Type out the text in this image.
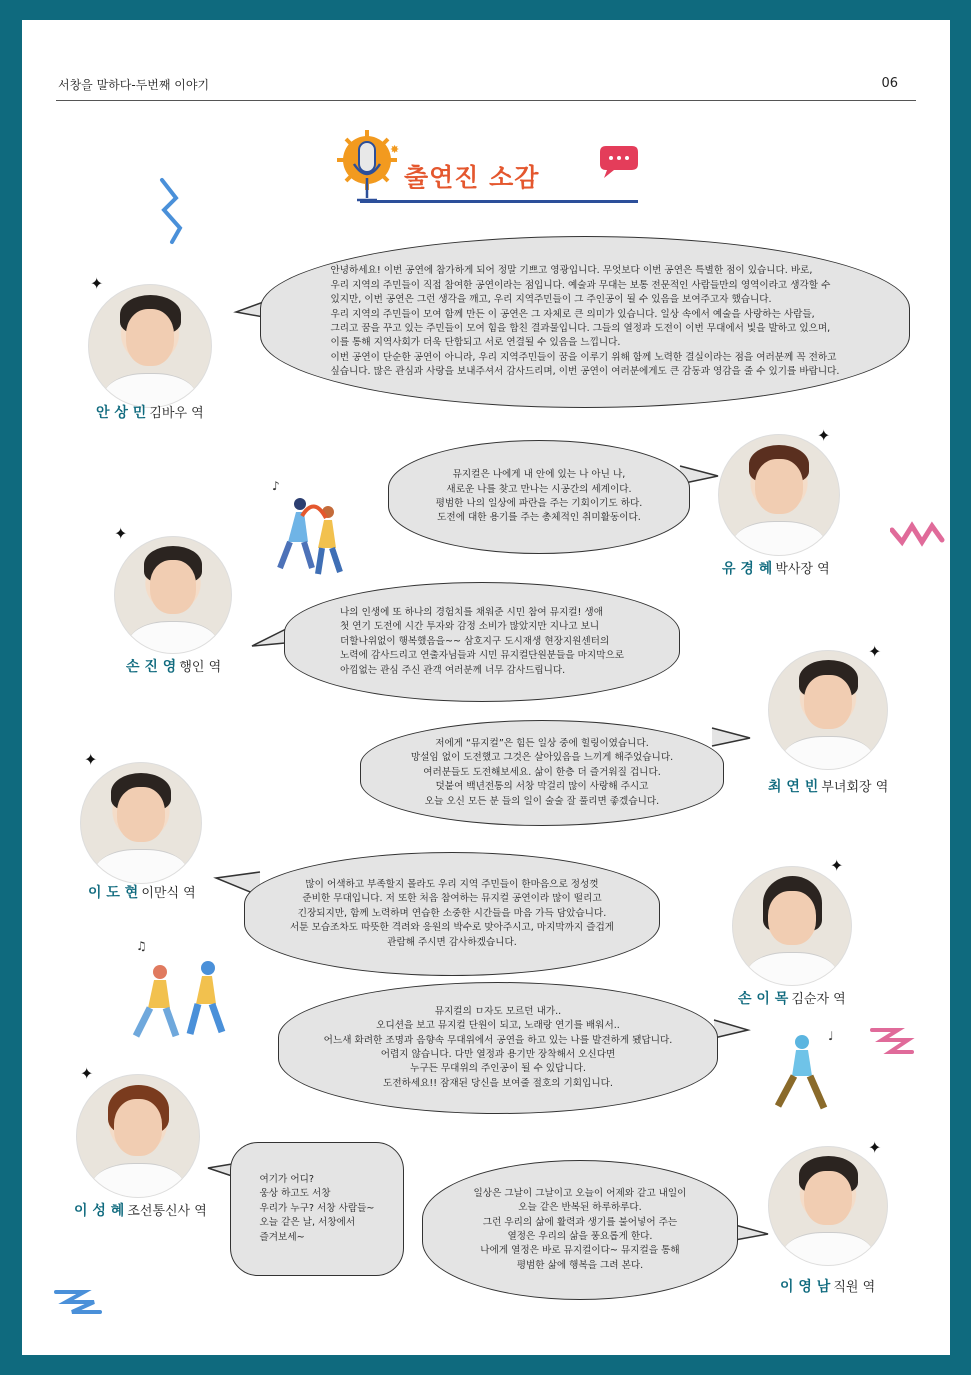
서창을 말하다-두번째 이야기	06
✸
출연진 소감
♪
♫
♩
✦
✦
✦
✦
✦
✦
✦
✦
안 상 민 김바우 역
안녕하세요! 이번 공연에 참가하게 되어 정말 기쁘고 영광입니다. 무엇보다 이번 공연은 특별한 점이 있습니다. 바로,
우리 지역의 주민들이 직접 참여한 공연이라는 점입니다. 예술과 무대는 보통 전문적인 사람들만의 영역이라고 생각할 수
있지만, 이번 공연은 그런 생각을 깨고, 우리 지역주민들이 그 주인공이 될 수 있음을 보여주고자 했습니다.
우리 지역의 주민들이 모여 함께 만든 이 공연은 그 자체로 큰 의미가 있습니다. 일상 속에서 예술을 사랑하는 사람들,
그리고 꿈을 꾸고 있는 주민들이 모여 힘을 합친 결과물입니다. 그들의 열정과 도전이 이번 무대에서 빛을 발하고 있으며,
이를 통해 지역사회가 더욱 단합되고 서로 연결될 수 있음을 느낍니다.
이번 공연이 단순한 공연이 아니라, 우리 지역주민들이 꿈을 이루기 위해 함께 노력한 결실이라는 점을 여러분께 꼭 전하고
싶습니다. 많은 관심과 사랑을 보내주셔서 감사드리며, 이번 공연이 여러분에게도 큰 감동과 영감을 줄 수 있기를 바랍니다.
뮤지컬은 나에게 내 안에 있는 나 아닌 나,
새로운 나를 찾고 만나는 시공간의 세계이다.
평범한 나의 일상에 파란을 주는 기회이기도 하다.
도전에 대한 용기를 주는 총체적인 취미활동이다.
유 경 혜 박사장 역
손 진 영 행인 역
나의 인생에 또 하나의 경험치를 채워준 시민 참여 뮤지컬! 생애
첫 연기 도전에 시간 투자와 감정 소비가 많았지만 지나고 보니
더할나위없이 행복했음을~~ 삼호지구 도시재생 현장지원센터의
노력에 감사드리고 연출자님들과 시민 뮤지컬단원분들을 마지막으로
아낌없는 관심 주신 관객 여러분께 너무 감사드립니다.
저에게 “뮤지컬”은 힘든 일상 중에 힐링이였습니다.
망설임 없이 도전했고 그것은 살아있음을 느끼게 해주었습니다.
여러분들도 도전해보세요. 삶이 한층 더 즐거워질 겁니다.
덧붙여 백년전통의 서창 막걸리 많이 사랑해 주시고
오늘 오신 모든 분 들의 일이 술술 잘 풀리면 좋겠습니다.
최 연 빈 부녀회장 역
이 도 현 이만식 역
많이 어색하고 부족할지 몰라도 우리 지역 주민들이 한마음으로 정성껏
준비한 무대입니다. 저 또한 처음 참여하는 뮤지컬 공연이라 많이 떨리고
긴장되지만, 함께 노력하며 연습한 소중한 시간들을 마음 가득 담았습니다.
서툰 모습조차도 따뜻한 격려와 응원의 박수로 맞아주시고, 마지막까지 즐겁게
관람해 주시면 감사하겠습니다.
손 이 목 김순자 역
뮤지컬의 ㅁ자도 모르던 내가..
오디션을 보고 뮤지컬 단원이 되고, 노래랑 연기를 배워서..
어느새 화려한 조명과 음향속 무대위에서 공연을 하고 있는 나를 발견하게 됐답니다.
어렵지 않습니다. 다만 열정과 용기만 장착해서 오신다면
누구든 무대위의 주인공이 될 수 있답니다.
도전하세요!! 잠재된 당신을 보여줄 절호의 기회입니다.
이 성 혜 조선통신사 역
여기가 어디?
웅상 하고도 서창
우리가 누구? 서창 사람들~
오늘 같은 날, 서창에서
즐겨보세~
일상은 그날이 그날이고 오늘이 어제와 같고 내일이
오늘 같은 반복된 하루하루다.
그런 우리의 삶에 활력과 생기를 불어넣어 주는
열정은 우리의 삶을 풍요롭게 한다.
나에게 열정은 바로 뮤지컬이다~ 뮤지컬을 통해
평범한 삶에 행복을 그려 본다.
이 영 남 직원 역
